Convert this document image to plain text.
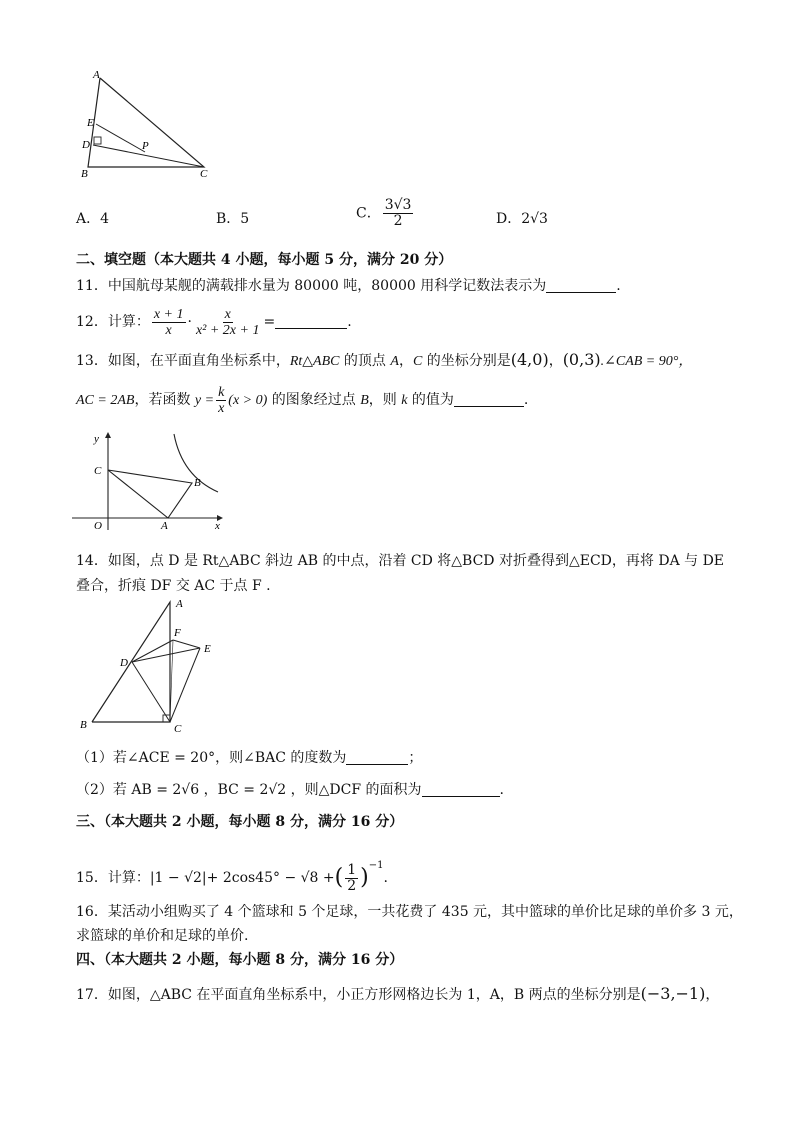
A
E
D	P
B	C
A．4	B．5	C． $\frac{3√3}{2}$	D．2√3
二、填空题（本大题共 4 小题，每小题 5 分，满分 20 分）
11．中国航母某舰的满载排水量为 80000 吨，80000 用科学记数法表示为	.
12．计算： $\frac{x + 1}{x} \cdot \frac{x}{\text{x² + 2x + 1}}$ =	.
13．如图，在平面直角坐标系中，Rt△ABC 的顶点 A，C 的坐标分别是(4,0)，(0,3).∠CAB = 90°，
AC = 2AB，若函数 $y = \frac{k}{x} (x > 0)$ 的图象经过点 B，则 k 的值为	.
y
C
B
O	A	x
14．如图，点 D 是 Rt△ABC 斜边 AB 的中点，沿着 CD 将△BCD 对折叠得到△ECD，再将 DA 与 DE
叠合，折痕 DF 交 AC 于点 F .
A
F
E
D
B	C
（1）若∠ACE = 20°，则∠BAC 的度数为	；
（2）若 AB = 2√6 ，BC = 2√2 ，则△DCF 的面积为	.
三、（本大题共 2 小题，每小题 8 分，满分 16 分）
15．计算：|1 − √2|+ 2cos45° − √8 +( $\frac{1}{2} )^{-1}$.
16．某活动小组购买了 4 个篮球和 5 个足球，一共花费了 435 元，其中篮球的单价比足球的单价多 3 元，
求篮球的单价和足球的单价.
四、（本大题共 2 小题，每小题 8 分，满分 16 分）
17．如图，△ABC 在平面直角坐标系中，小正方形网格边长为 1，A，B 两点的坐标分别是(−3,−1)，
